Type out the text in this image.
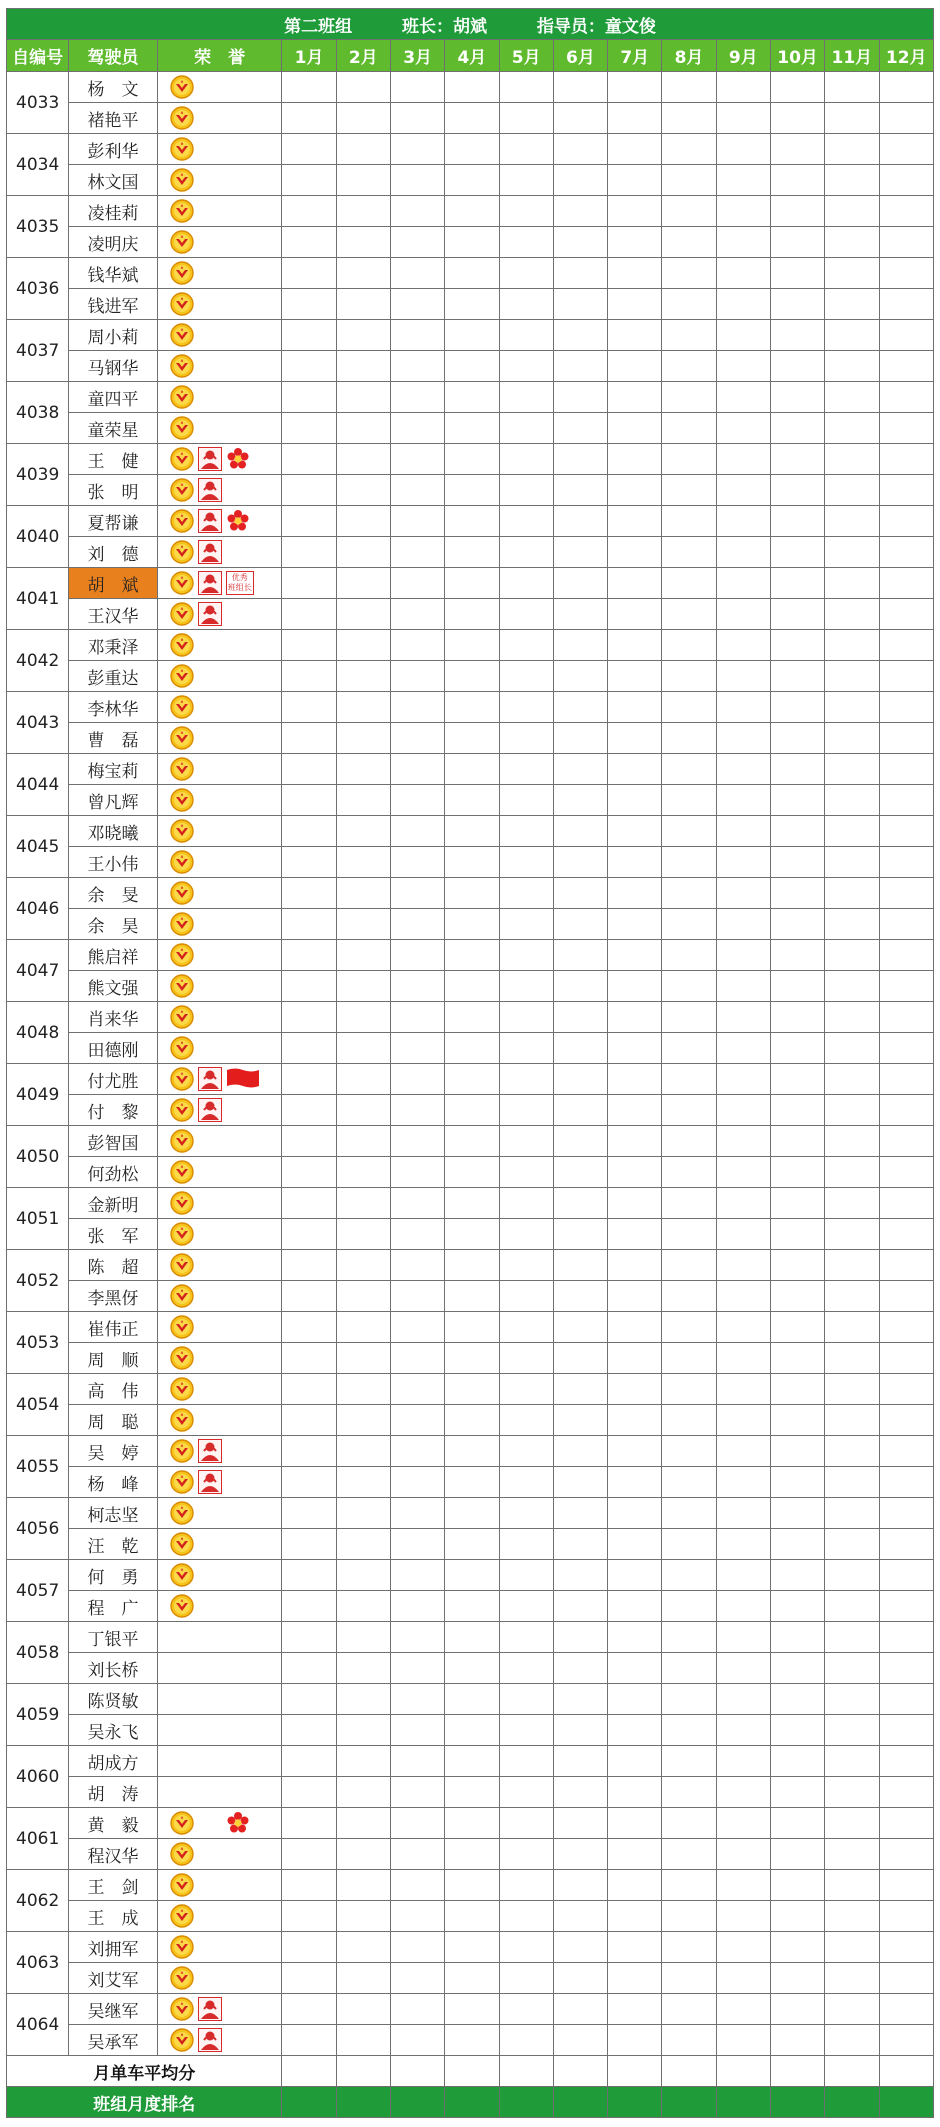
第二班组 班长：胡斌 指导员：童文俊														
自编号	驾驶员	荣　誉	1月	2月	3月	4月	5月	6月	7月	8月	9月	10月	11月	12月
4033	杨　文	

	褚艳平	

4034	彭利华	

	林文国	

4035	凌桂莉	

	凌明庆	

4036	钱华斌	

	钱进军	

4037	周小莉	

	马钢华	

4038	童四平	

	童荣星	

4039	王　健	

	张　明	

4040	夏帮谦	

	刘　德	

4041	胡　斌	优秀
班组长												

	王汉华	

4042	邓秉泽	

	彭重达	

4043	李林华	

	曹　磊	

4044	梅宝莉	

	曾凡辉	

4045	邓晓曦	

	王小伟	

4046	余　旻	

	余　昊	

4047	熊启祥	

	熊文强	

4048	肖来华	

	田德刚	

4049	付尤胜	

	付　黎	

4050	彭智国	

	何劲松	

4051	金新明	

	张　军	

4052	陈　超	

	李黑伢	

4053	崔伟正	

	周　顺	

4054	高　伟	

	周　聪	

4055	吴　婷	

	杨　峰	

4056	柯志坚	

	汪　乾	

4057	何　勇	

	程　广	

4058	丁银平													
	刘长桥													
4059	陈贤敏													
	吴永飞													
4060	胡成方													
	胡　涛													
4061	黄　毅	

	程汉华	

4062	王　剑	

	王　成	

4063	刘拥军	

	刘艾军	

4064	吴继军	

	吴承军	

月单车平均分														
班组月度排名														
